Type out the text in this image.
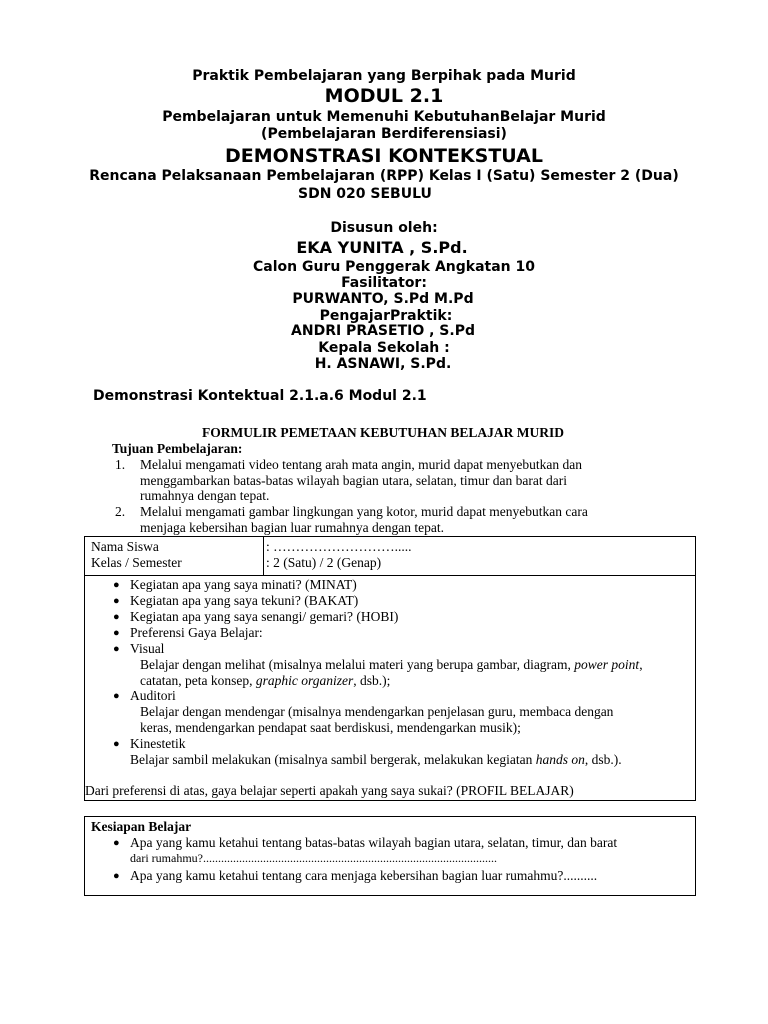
Praktik Pembelajaran yang Berpihak pada Murid
MODUL 2.1
Pembelajaran untuk Memenuhi KebutuhanBelajar Murid
(Pembelajaran Berdiferensiasi)
DEMONSTRASI KONTEKSTUAL
Rencana Pelaksanaan Pembelajaran (RPP) Kelas I (Satu) Semester 2 (Dua)
SDN 020 SEBULU
Disusun oleh:
EKA YUNITA , S.Pd.
Calon Guru Penggerak Angkatan 10
Fasilitator:
PURWANTO, S.Pd M.Pd
PengajarPraktik:
ANDRI PRASETIO , S.Pd
Kepala Sekolah :
H. ASNAWI, S.Pd.
Demonstrasi Kontektual 2.1.a.6 Modul 2.1
FORMULIR PEMETAAN KEBUTUHAN BELAJAR MURID
Tujuan Pembelajaran:
1. Melalui mengamati video tentang arah mata angin, murid dapat menyebutkan dan
menggambarkan batas-batas wilayah bagian utara, selatan, timur dan barat dari
rumahnya dengan tepat.
2. Melalui mengamati gambar lingkungan yang kotor, murid dapat menyebutkan cara
menjaga kebersihan bagian luar rumahnya dengan tepat.
Nama Siswa	: ……………………….....
Kelas / Semester	: 2 (Satu) / 2 (Genap)
● Kegiatan apa yang saya minati? (MINAT)
● Kegiatan apa yang saya tekuni? (BAKAT)
● Kegiatan apa yang saya senangi/ gemari? (HOBI)
● Preferensi Gaya Belajar:
● Visual
Belajar dengan melihat (misalnya melalui materi yang berupa gambar, diagram, power point,
catatan, peta konsep, graphic organizer, dsb.);
● Auditori
Belajar dengan mendengar (misalnya mendengarkan penjelasan guru, membaca dengan
keras, mendengarkan pendapat saat berdiskusi, mendengarkan musik);
● Kinestetik
Belajar sambil melakukan (misalnya sambil bergerak, melakukan kegiatan hands on, dsb.).
Dari preferensi di atas, gaya belajar seperti apakah yang saya sukai? (PROFIL BELAJAR)
Kesiapan Belajar
● Apa yang kamu ketahui tentang batas-batas wilayah bagian utara, selatan, timur, dan barat
dari rumahmu?..................................................................................................
● Apa yang kamu ketahui tentang cara menjaga kebersihan bagian luar rumahmu?..........
